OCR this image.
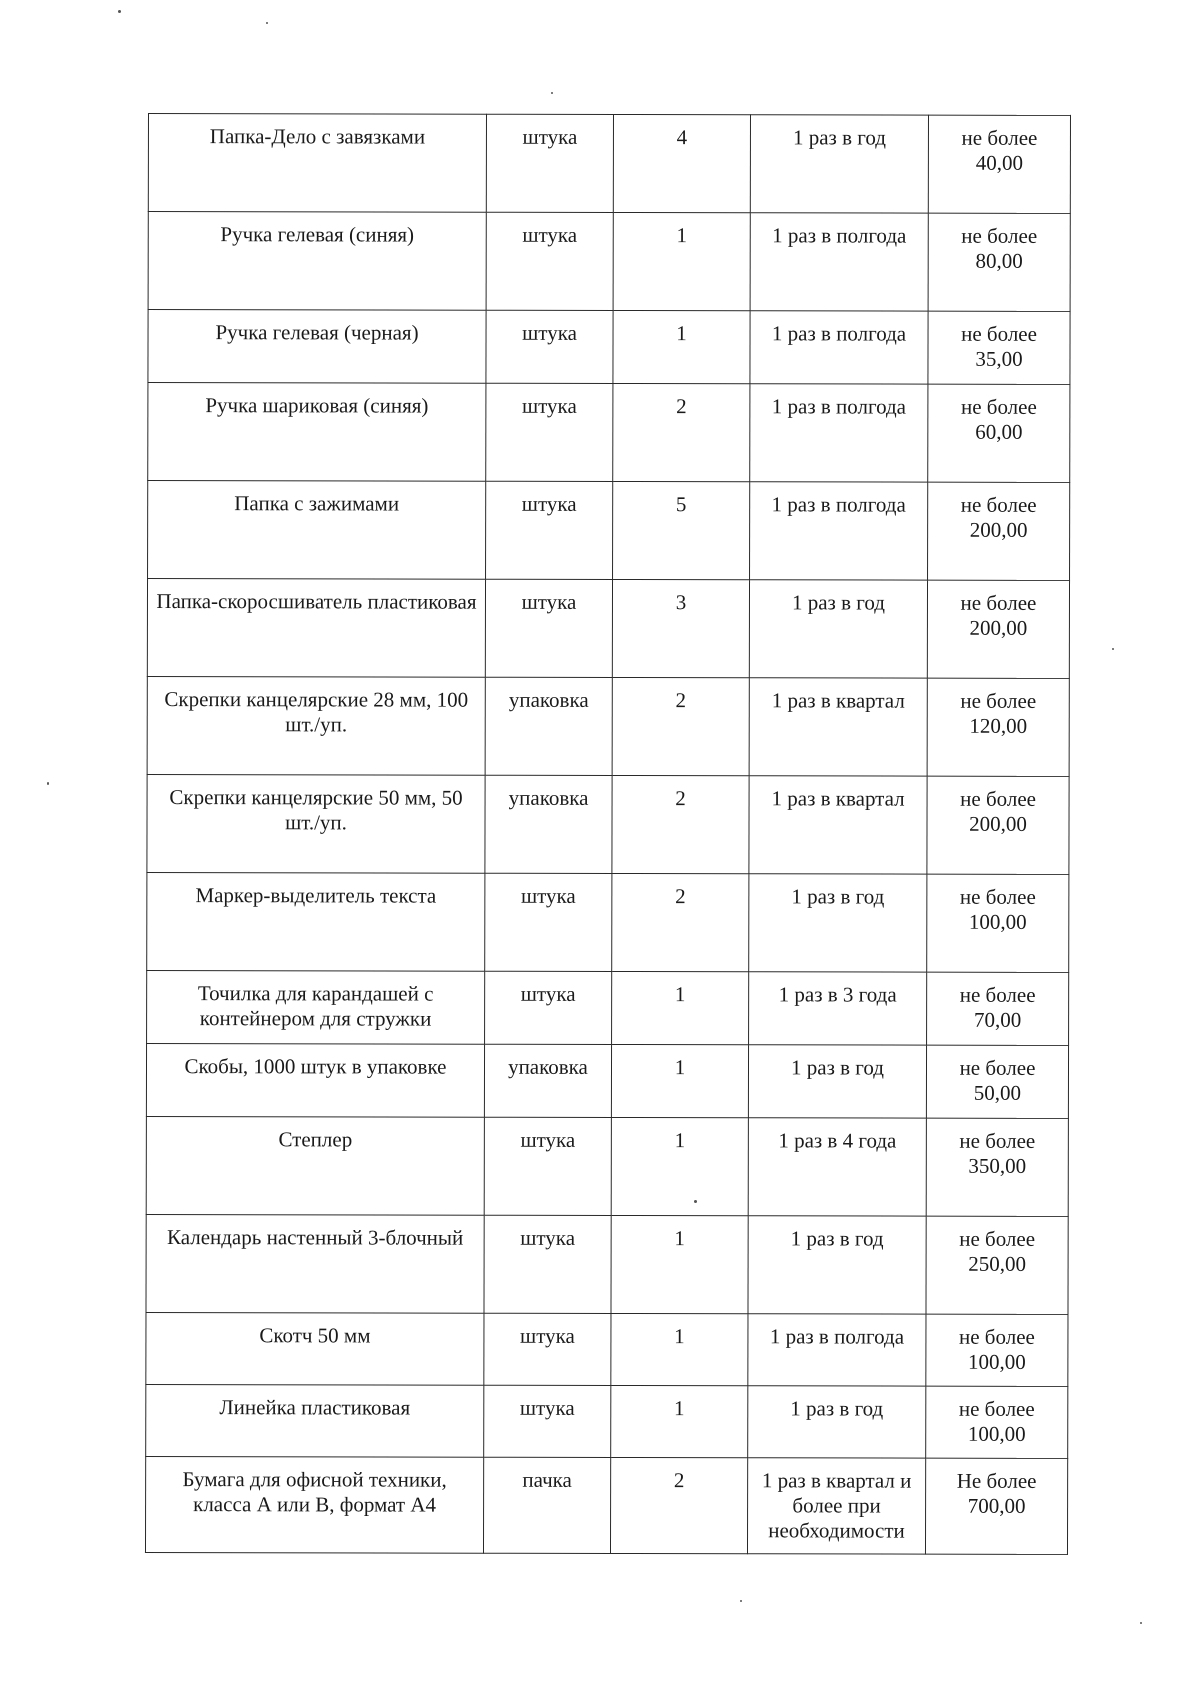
Папка-Дело с завязками	штука	4	1 раз в год	не более 40,00
Ручка гелевая (синяя)	штука	1	1 раз в полгода	не более 80,00
Ручка гелевая (черная)	штука	1	1 раз в полгода	не более 35,00
Ручка шариковая (синяя)	штука	2	1 раз в полгода	не более 60,00
Папка с зажимами	штука	5	1 раз в полгода	не более 200,00
Папка-скоросшиватель пластиковая	штука	3	1 раз в год	не более 200,00
Скрепки канцелярские 28 мм, 100 шт./уп.	упаковка	2	1 раз в квартал	не более 120,00
Скрепки канцелярские 50 мм, 50 шт./уп.	упаковка	2	1 раз в квартал	не более 200,00
Маркер-выделитель текста	штука	2	1 раз в год	не более 100,00
Точилка для карандашей с контейнером для стружки	штука	1	1 раз в 3 года	не более 70,00
Скобы, 1000 штук в упаковке	упаковка	1	1 раз в год	не более 50,00
Степлер	штука	1	1 раз в 4 года	не более 350,00
Календарь настенный 3-блочный	штука	1	1 раз в год	не более 250,00
Скотч 50 мм	штука	1	1 раз в полгода	не более 100,00
Линейка пластиковая	штука	1	1 раз в год	не более 100,00
Бумага для офисной техники, класса А или В, формат А4	пачка	2	1 раз в квартал и более при необходимости	Не более 700,00
